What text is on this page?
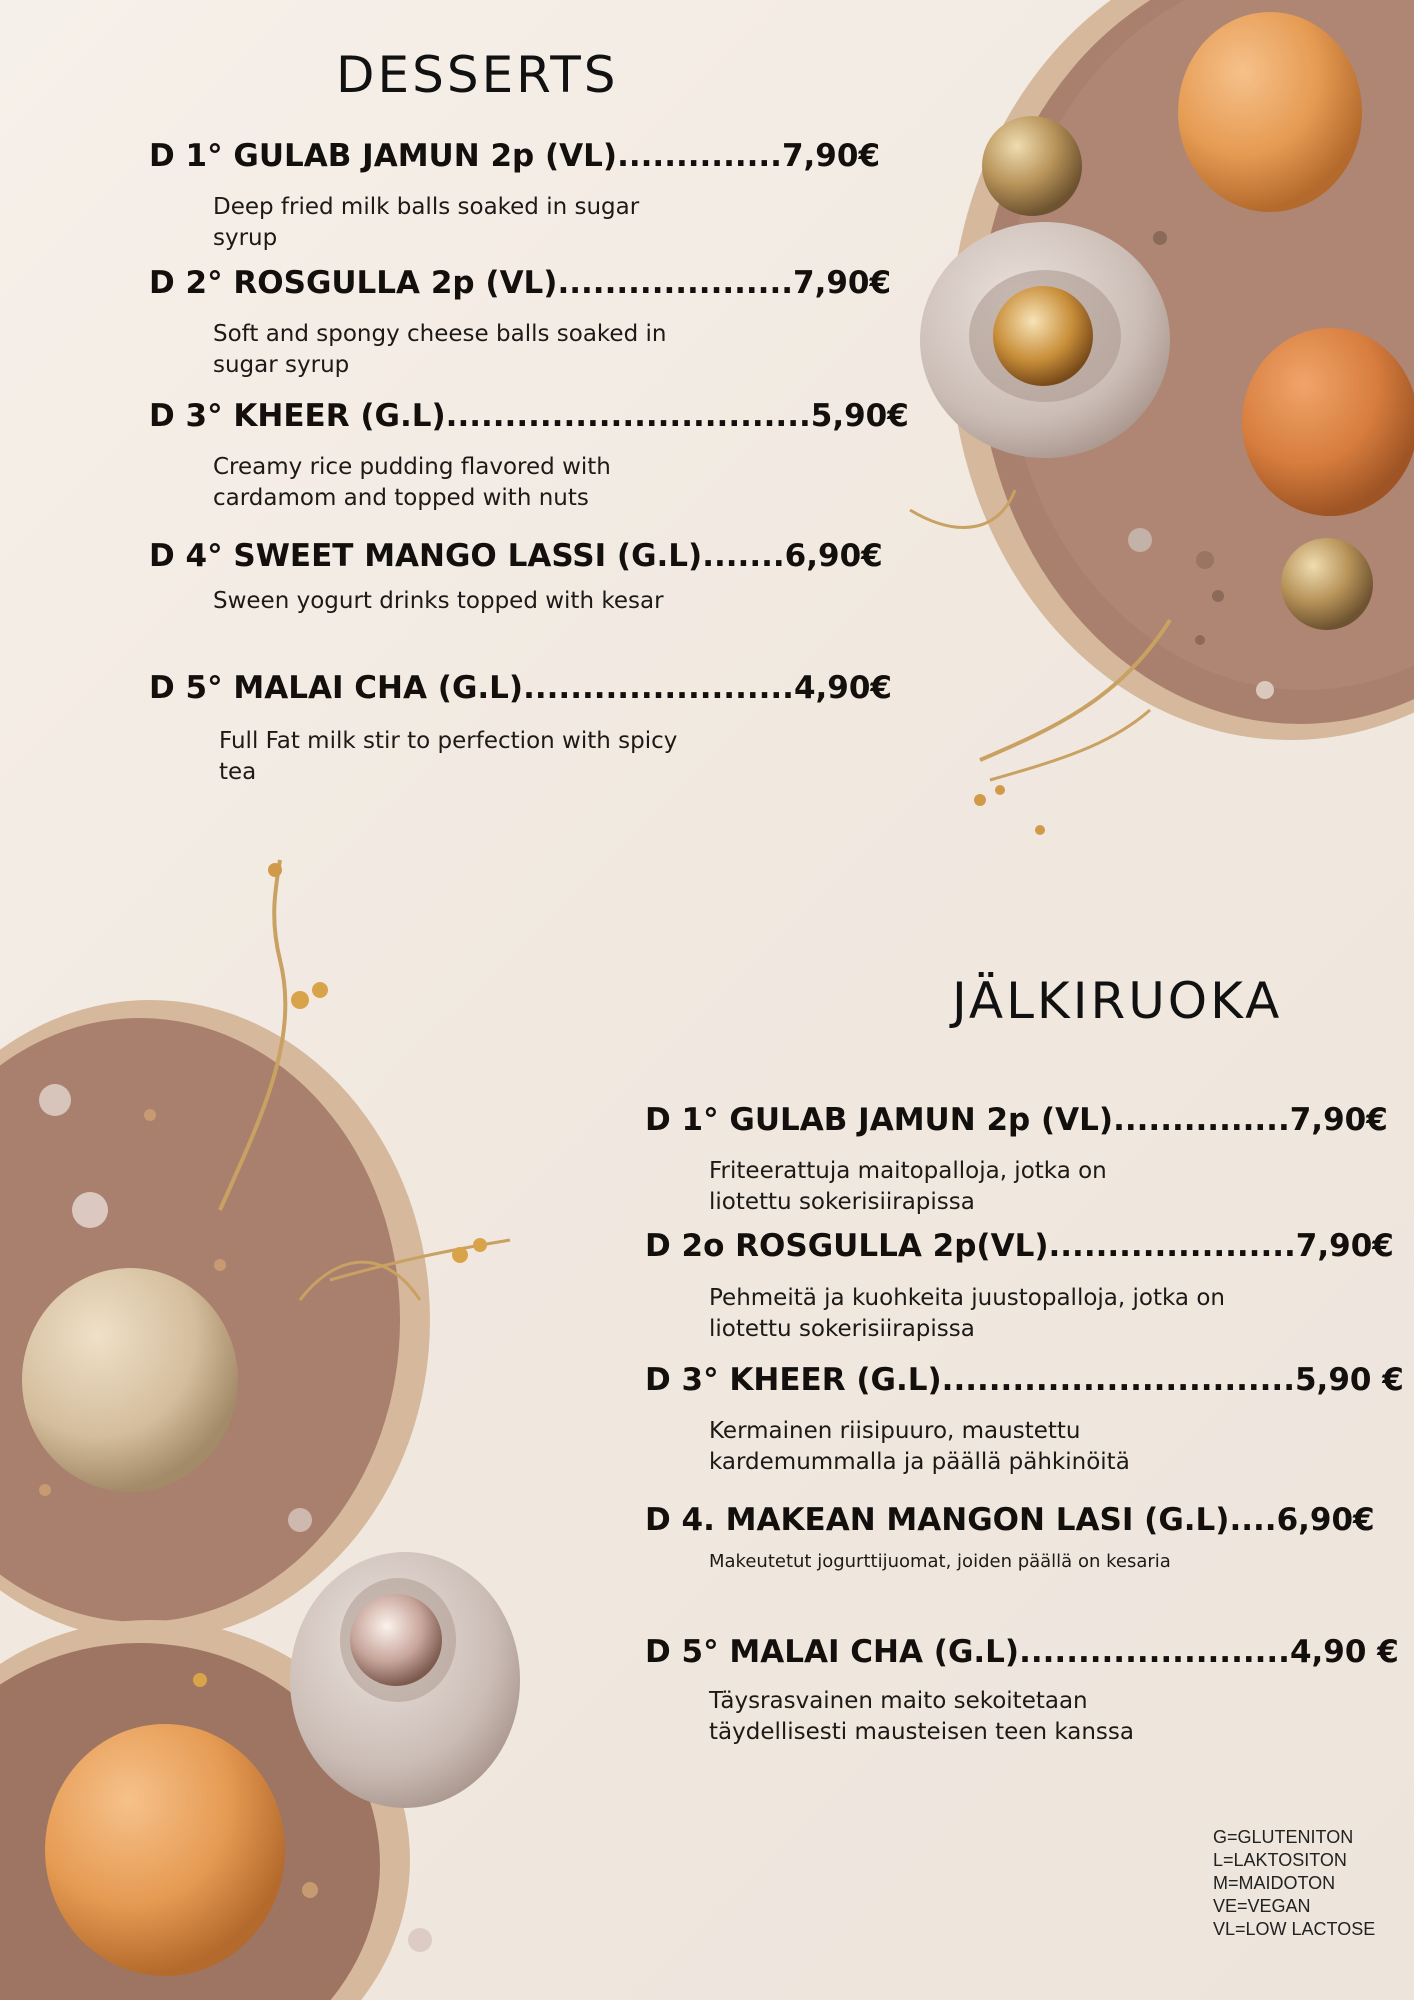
DESSERTS
D 1° GULAB JAMUN 2p (VL)..............7,90€
Deep fried milk balls soaked in sugar syrup
D 2° ROSGULLA 2p (VL)....................7,90€
Soft and spongy cheese balls soaked in sugar syrup
D 3° KHEER (G.L)...............................5,90€
Creamy rice pudding flavored with cardamom and topped with nuts
D 4° SWEET MANGO LASSI (G.L).......6,90€
Sween yogurt drinks topped with kesar
D 5° MALAI CHA (G.L).......................4,90€
Full Fat milk stir to perfection with spicy tea
JÄLKIRUOKA
D 1° GULAB JAMUN 2p (VL)...............7,90€
Friteerattuja maitopalloja, jotka on liotettu sokerisiirapissa
D 2o ROSGULLA 2p(VL).....................7,90€
Pehmeitä ja kuohkeita juustopalloja, jotka on liotettu sokerisiirapissa
D 3° KHEER (G.L)..............................5,90 €
Kermainen riisipuuro, maustettu kardemummalla ja päällä pähkinöitä
D 4. MAKEAN MANGON LASI (G.L)....6,90€
Makeutetut jogurttijuomat, joiden päällä on kesaria
D 5° MALAI CHA (G.L).......................4,90 €
Täysrasvainen maito sekoitetaan täydellisesti mausteisen teen kanssa
G=GLUTENITON
L=LAKTOSITON
M=MAIDOTON
VE=VEGAN
VL=LOW LACTOSE
